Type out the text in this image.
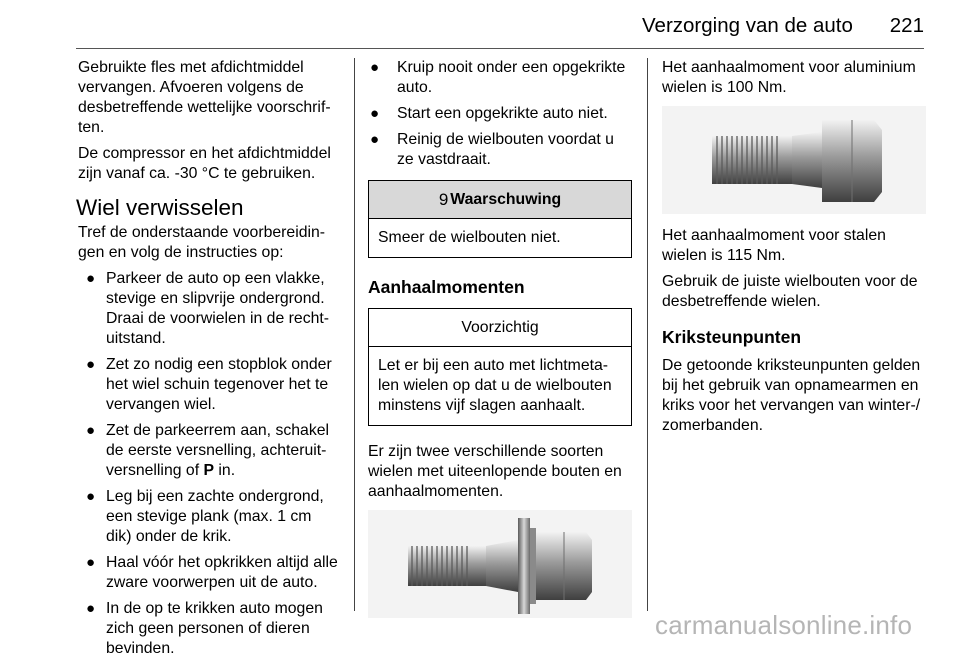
Verzorging van de auto 221

Gebruikte fles met afdichtmiddel vervangen. Afvoeren volgens de desbetreffende wettelijke voorschrif‐ten.

De compressor en het afdichtmiddel zijn vanaf ca. -30 °C te gebruiken.

Wiel verwisselen

Tref de onderstaande voorbereidin‐gen en volg de instructies op:

● Parkeer de auto op een vlakke, stevige en slipvrije ondergrond. Draai de voorwielen in de recht‐uitstand.
● Zet zo nodig een stopblok onder het wiel schuin tegenover het te vervangen wiel.
● Zet de parkeerrem aan, schakel de eerste versnelling, achteruit‐versnelling of P in.
● Leg bij een zachte ondergrond, een stevige plank (max. 1 cm dik) onder de krik.
● Haal vóór het opkrikken altijd alle zware voorwerpen uit de auto.
● In de op te krikken auto mogen zich geen personen of dieren bevinden.
● Kruip nooit onder een opgekrikte auto.
● Start een opgekrikte auto niet.
● Reinig de wielbouten voordat u ze vastdraait.
9 Waarschuwing
Smeer de wielbouten niet.
Aanhaalmomenten
Voorzichtig
Let er bij een auto met lichtmeta‐len wielen op dat u de wielbouten minstens vijf slagen aanhaalt.

Er zijn twee verschillende soorten wielen met uiteenlopende bouten en aanhaalmomenten.

Het aanhaalmoment voor aluminium wielen is 100 Nm.

Het aanhaalmoment voor stalen wielen is 115 Nm.

Gebruik de juiste wielbouten voor de desbetreffende wielen.

Kriksteunpunten

De getoonde kriksteunpunten gelden bij het gebruik van opnamearmen en kriks voor het vervangen van winter-/ zomerbanden.

carmanualsonline.info
